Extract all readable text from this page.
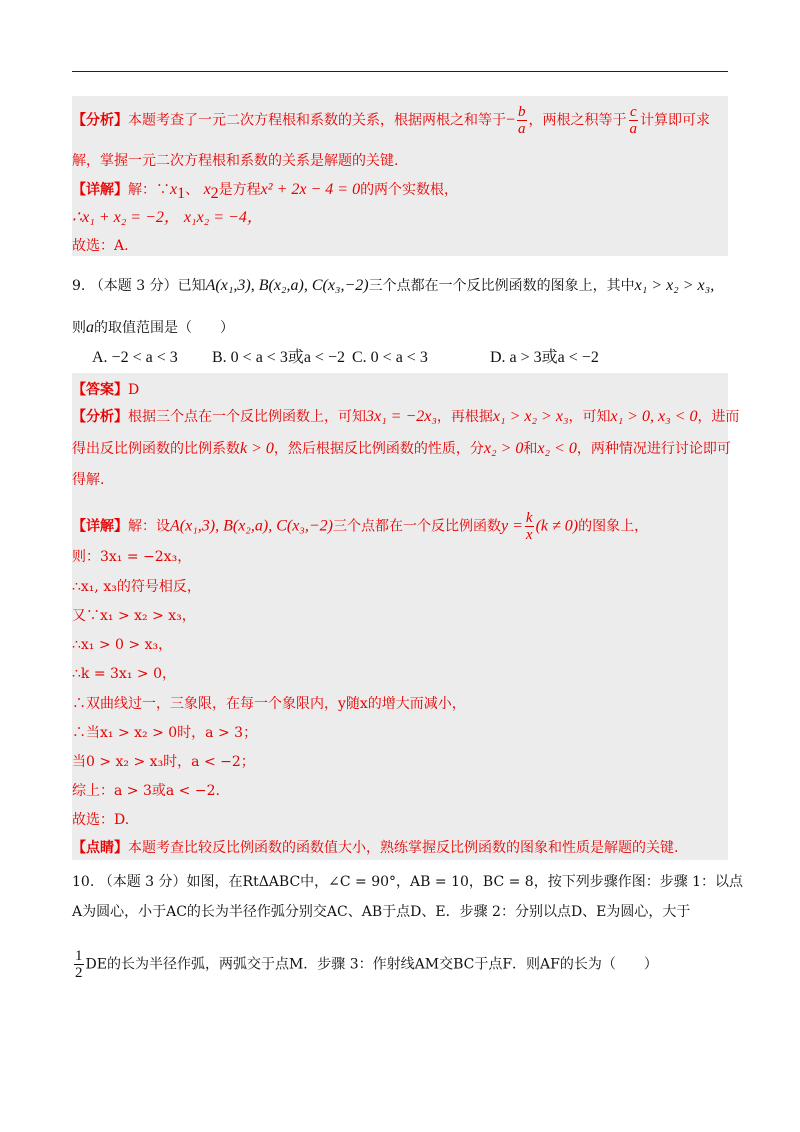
【分析】本题考查了一元二次方程根和系数的关系，根据两根之和等于− $\frac{b}{a}$ ，两根之积等于 $\frac{c}{a}$ 计算即可求
解，掌握一元二次方程根和系数的关系是解题的关键.
【详解】解：$\because x_1$、 $x_2$是方程x² + 2x − 4 = 0的两个实数根，
∴x₁ + x₂ = −2， x₁x₂ = −4，
故选：A.
9. （本题 3 分）已知A(x₁,3), B(x₂,a), C(x₃,−2)三个点都在一个反比例函数的图象上，其中x₁ > x₂ > x₃,
则a的取值范围是（　　）
A. −2 < a < 3 B. 0 < a < 3或a < −2 C. 0 < a < 3	D. a > 3或a < −2
【答案】D
【分析】根据三个点在一个反比例函数上，可知3x₁ = −2x₃，再根据x₁ > x₂ > x₃，可知x₁ > 0, x₃ < 0，进而
得出反比例函数的比例系数k > 0，然后根据反比例函数的性质，分x₂ > 0和x₂ < 0，两种情况进行讨论即可
得解.
【详解】解：设A(x₁,3), B(x₂,a), C(x₃,−2)三个点都在一个反比例函数$y = \frac{k}{x} (k \ne 0)$的图象上，
则：3x₁ = −2x₃，
∴x₁, x₃的符号相反，
又∵x₁ > x₂ > x₃，
∴x₁ > 0 > x₃，
∴k = 3x₁ > 0，
∴双曲线过一，三象限，在每一个象限内，y随x的增大而减小，
∴当x₁ > x₂ > 0时，a > 3；
当0 > x₂ > x₃时，a < −2；
综上：a > 3或a < −2.
故选：D.
【点睛】本题考查比较反比例函数的函数值大小，熟练掌握反比例函数的图象和性质是解题的关键.
10. （本题 3 分）如图，在RtΔABC中，∠C = 90°，AB = 10，BC = 8，按下列步骤作图：步骤 1：以点
A为圆心，小于AC的长为半径作弧分别交AC、AB于点D、E．步骤 2：分别以点D、E为圆心，大于
$\frac{1}{2}$ DE的长为半径作弧，两弧交于点M．步骤 3：作射线AM交BC于点F．则AF的长为（　　）
